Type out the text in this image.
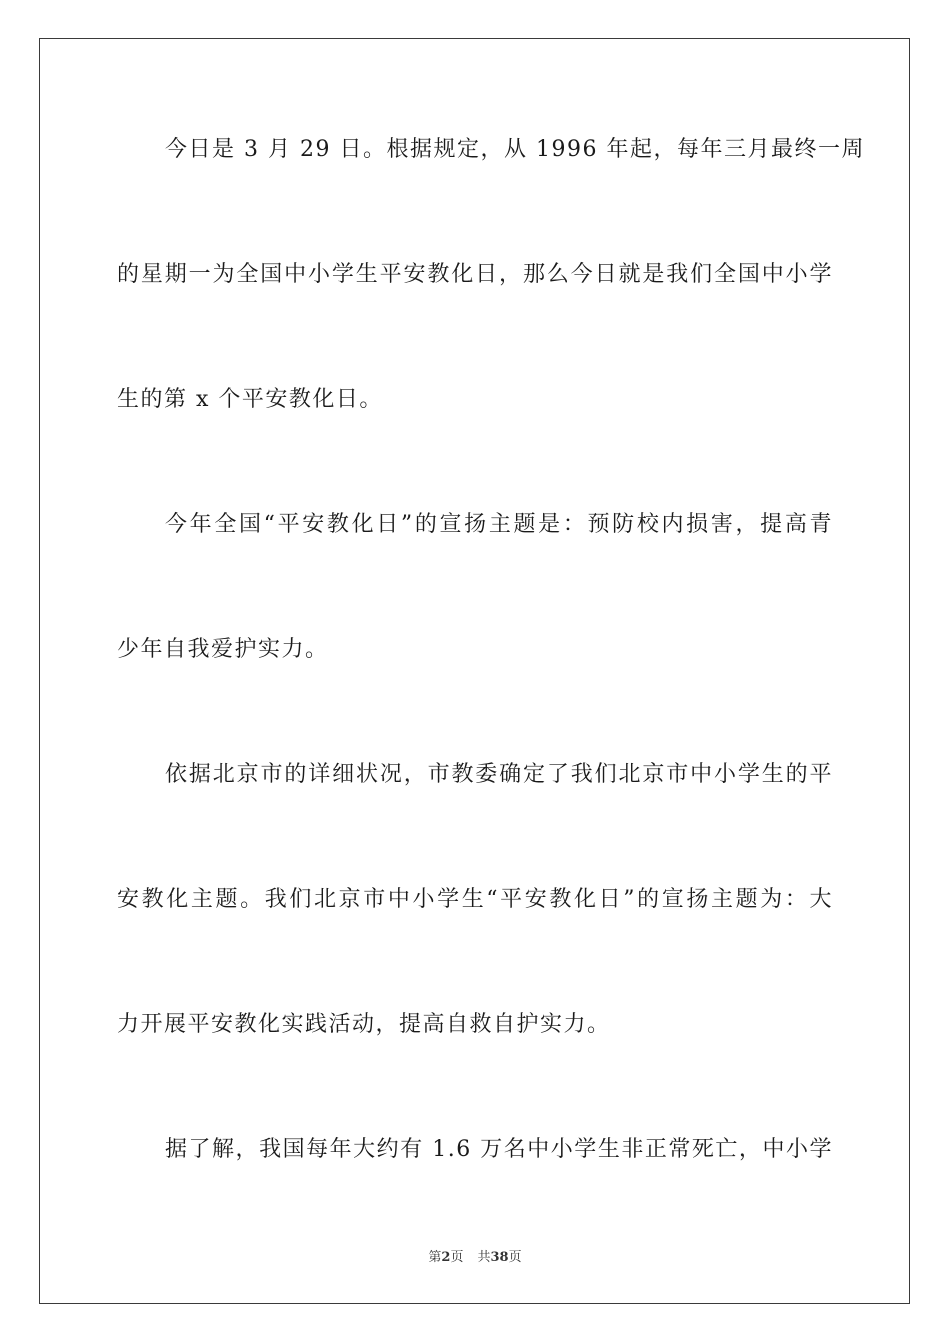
今日是 3 月 29 日。根据规定，从 1996 年起，每年三月最终一周
的星期一为全国中小学生平安教化日，那么今日就是我们全国中小学
生的第 x 个平安教化日。
今年全国“平安教化日”的宣扬主题是：预防校内损害，提高青
少年自我爱护实力。
依据北京市的详细状况，市教委确定了我们北京市中小学生的平
安教化主题。我们北京市中小学生“平安教化日”的宣扬主题为：大
力开展平安教化实践活动，提高自救自护实力。
据了解，我国每年大约有 1.6 万名中小学生非正常死亡，中小学
第2页 共38页
